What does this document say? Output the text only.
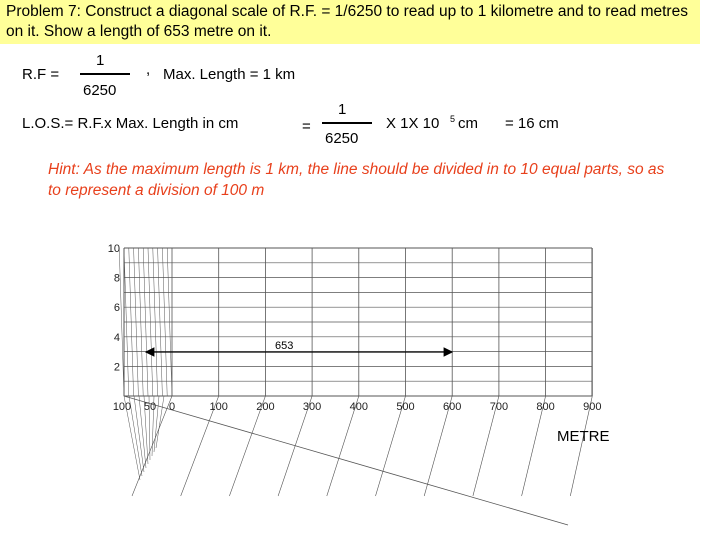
Problem 7: Construct a diagonal scale of R.F. = 1/6250 to read up to 1 kilometre and to read metres on it. Show a length of 653 metre on it.
R.F =
1
6250
, Max. Length = 1 km
L.O.S.= R.F.x Max. Length in cm	=
1
6250
X 1X 10 5 cm = 16 cm
Hint: As the maximum length is 1 km, the line should be divided in to 10 equal parts, so as to represent a division of 100 m
10
8
6
4
2
100 50 0	100	200	300	400	500	600	700	800	900
653
METRE
